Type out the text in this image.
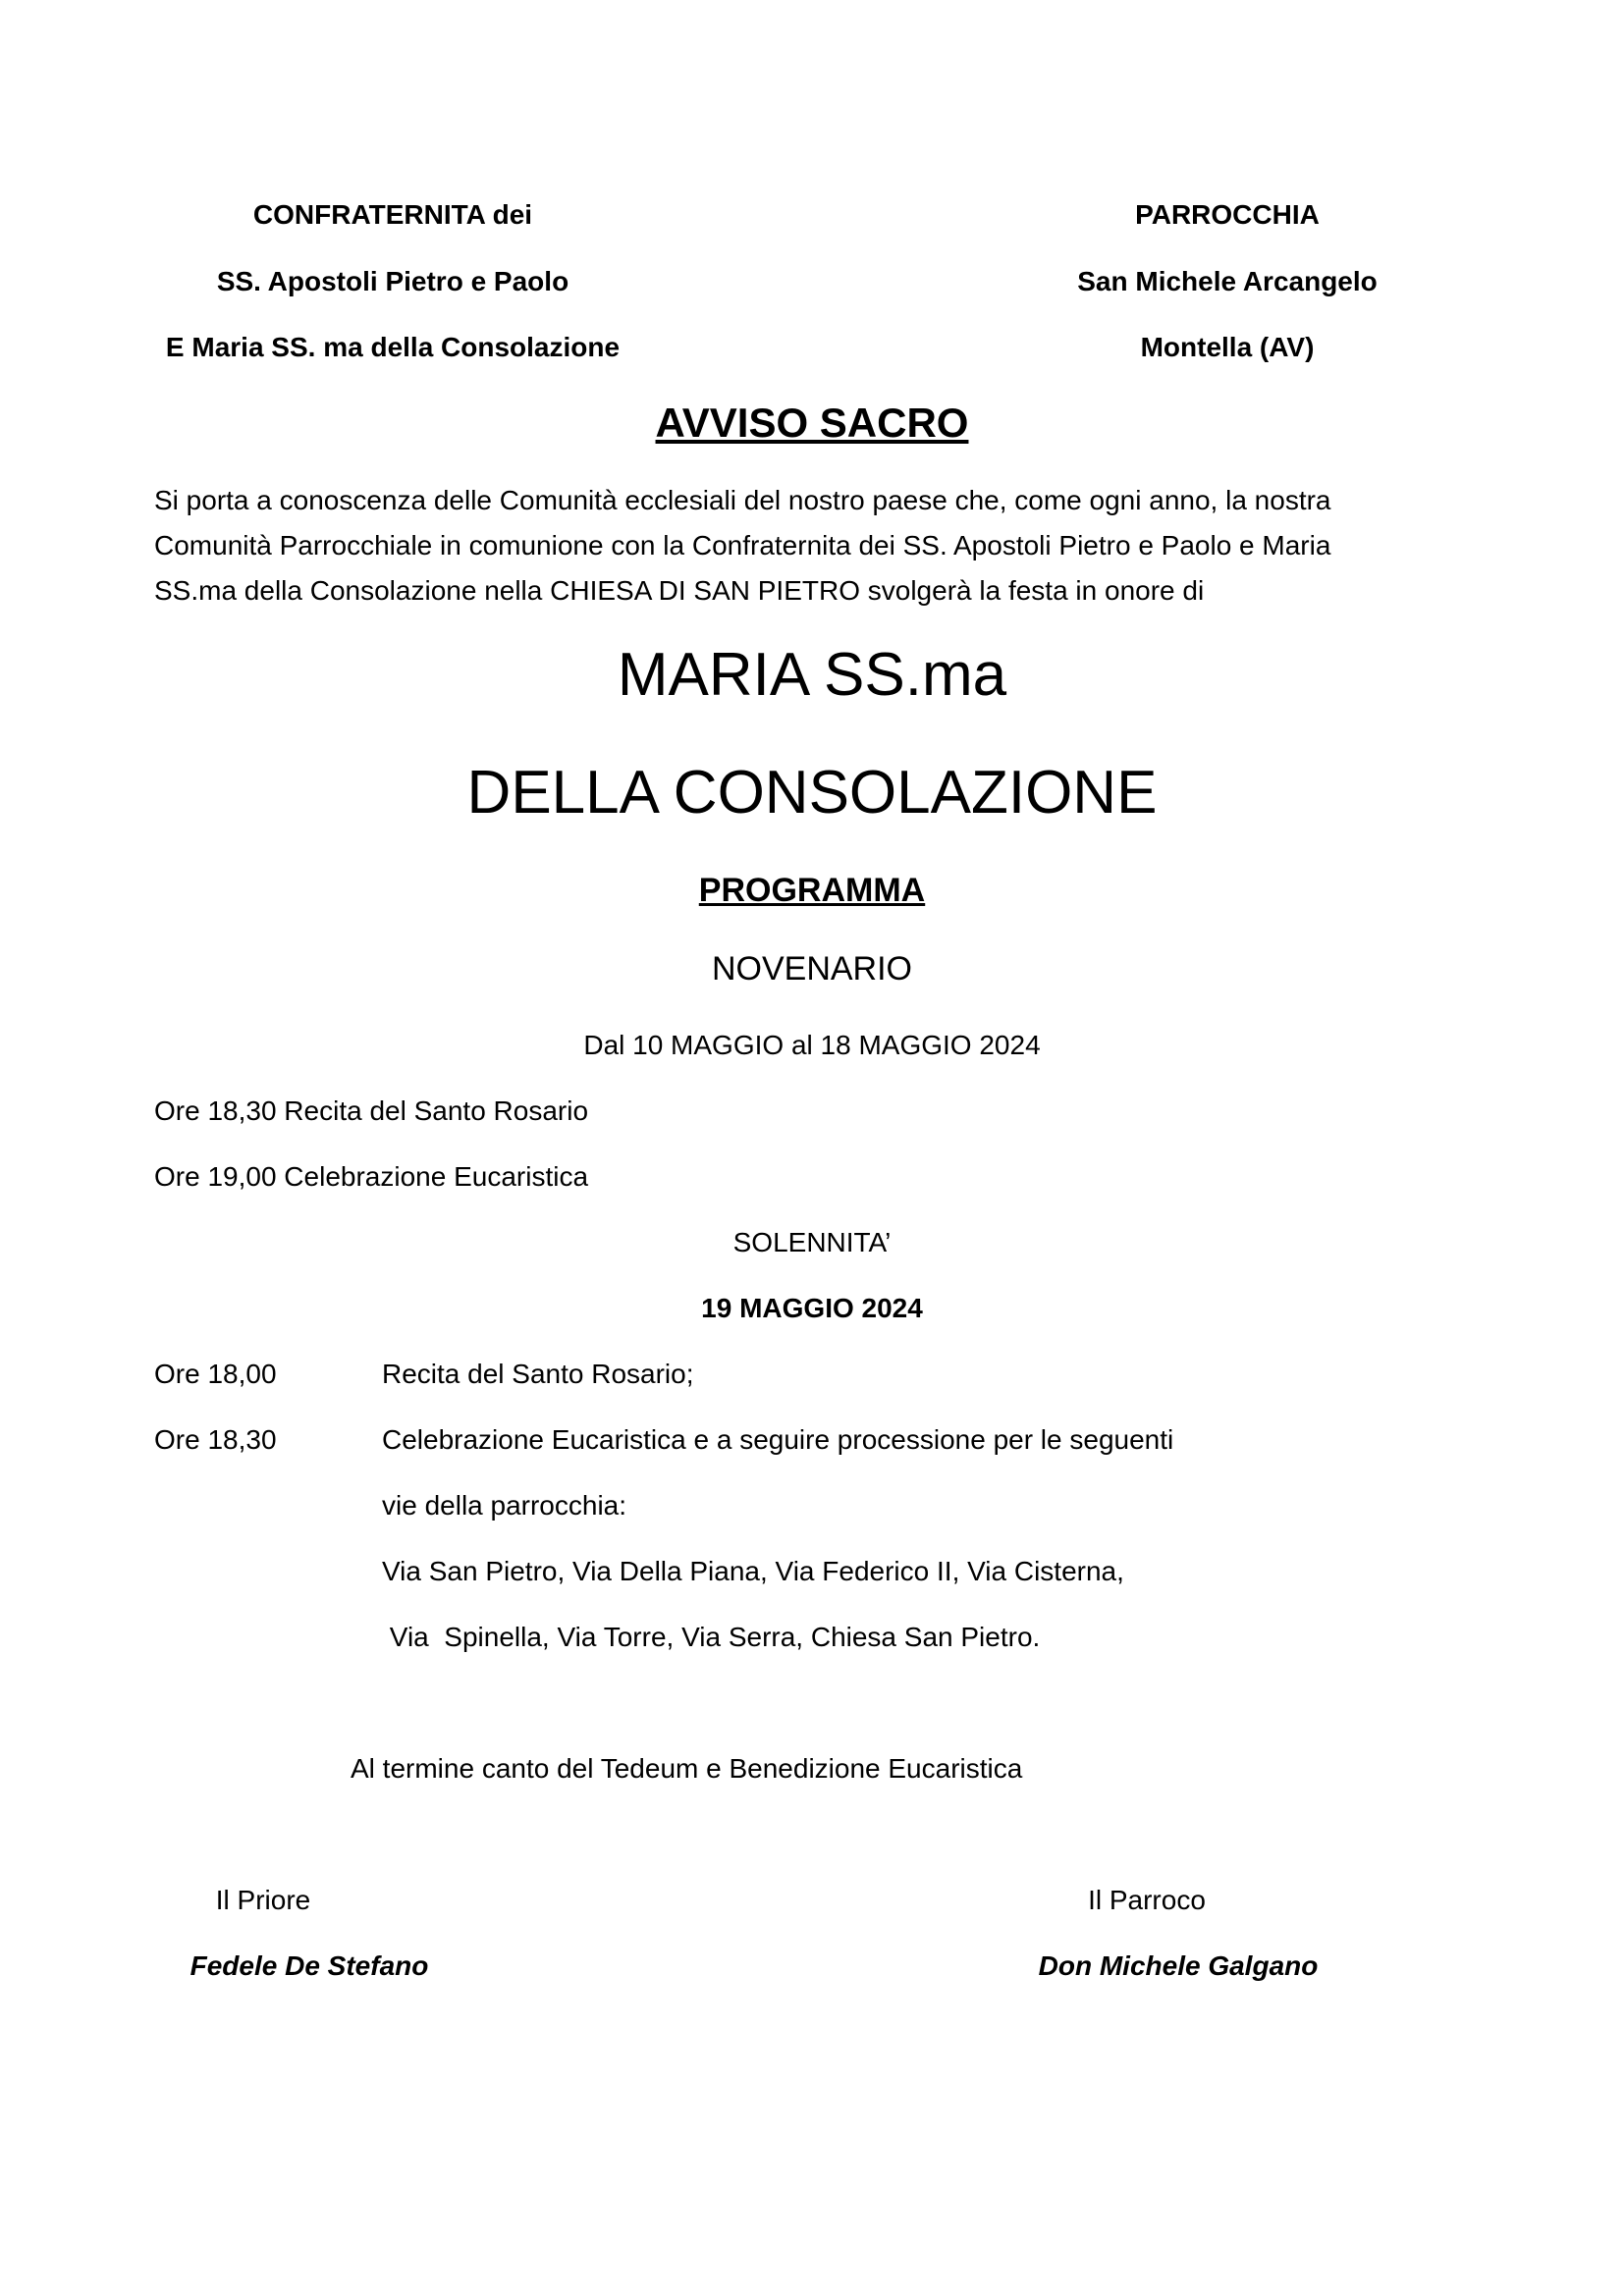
CONFRATERNITA dei
SS. Apostoli Pietro e Paolo
E Maria SS. ma della Consolazione
PARROCCHIA
San Michele Arcangelo
Montella (AV)
AVVISO SACRO
Si porta a conoscenza delle Comunità ecclesiali del nostro paese che, come ogni anno, la nostra
Comunità Parrocchiale in comunione con la Confraternita dei SS. Apostoli Pietro e Paolo e Maria
SS.ma della Consolazione nella CHIESA DI SAN PIETRO svolgerà la festa in onore di
MARIA SS.ma
DELLA CONSOLAZIONE
PROGRAMMA
NOVENARIO
Dal 10 MAGGIO al 18 MAGGIO 2024
Ore 18,30 Recita del Santo Rosario
Ore 19,00 Celebrazione Eucaristica
SOLENNITA’
19 MAGGIO 2024
Ore 18,00	Recita del Santo Rosario;
Ore 18,30	Celebrazione Eucaristica e a seguire processione per le seguenti
vie della parrocchia:
Via San Pietro, Via Della Piana, Via Federico II, Via Cisterna,
Via  Spinella, Via Torre, Via Serra, Chiesa San Pietro.
Al termine canto del Tedeum e Benedizione Eucaristica
Il Priore
Fedele De Stefano
Il Parroco
Don Michele Galgano
